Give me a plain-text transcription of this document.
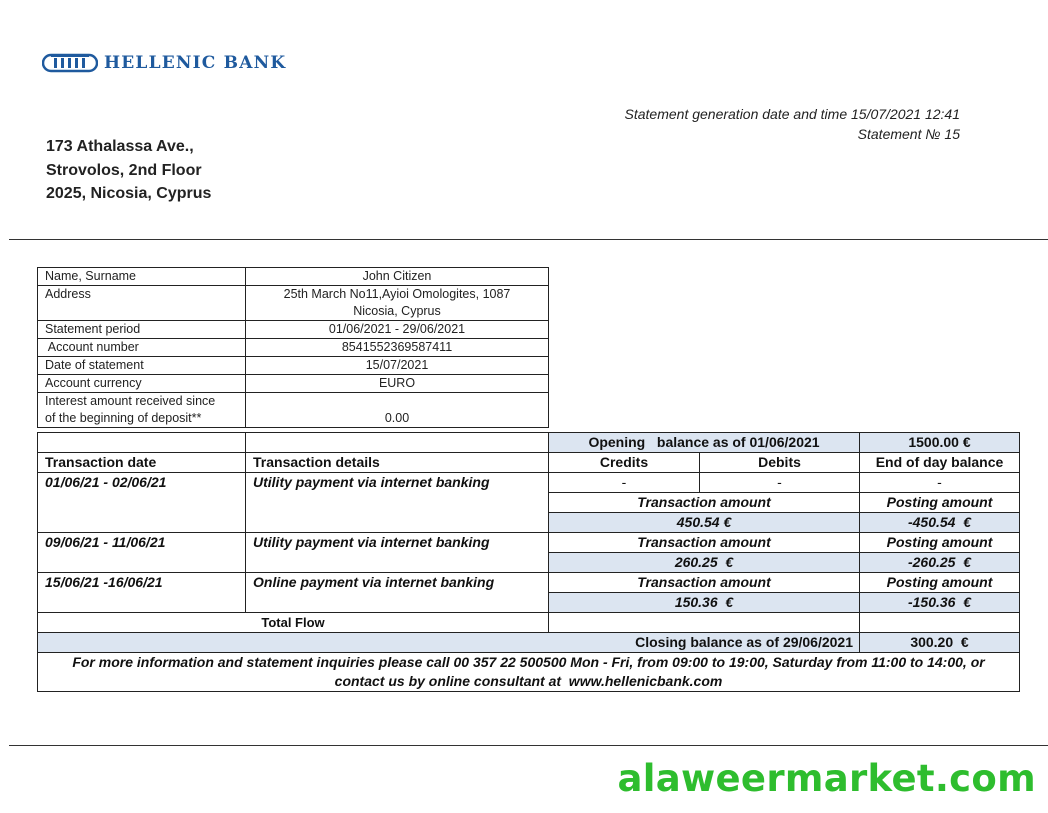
HELLENIC BANK
Statement generation date and time 15/07/2021 12:41
Statement № 15
173 Athalassa Ave.,
Strovolos, 2nd Floor
2025, Nicosia, Cyprus
Name, Surname	John Citizen
Address	25th March No11,Ayioi Omologites, 1087
Nicosia, Cyprus

Statement period	01/06/2021 - 29/06/2021
Account number	8541552369587411
Date of statement	15/07/2021
Account currency	EURO

Interest amount received since
of the beginning of deposit**	0.00
		Opening   balance as of 01/06/2021		1500.00 €
Transaction date	Transaction details	Credits	Debits	End of day balance
01/06/21 - 02/06/21	Utility payment via internet banking	-	-	-
		Transaction amount		Posting amount
		450.54 €		-450.54  €
09/06/21 - 11/06/21	Utility payment via internet banking	Transaction amount		Posting amount
		260.25  €		-260.25  €
15/06/21 -16/06/21	Online payment via internet banking	Transaction amount		Posting amount
		150.36  €		-150.36  €
Total Flow				
Closing balance as of 29/06/2021				300.20  €

For more information and statement inquiries please call 00 357 22 500500 Mon - Fri, from 09:00 to 19:00, Saturday from 11:00 to 14:00, or
contact us by online consultant at  www.hellenicbank.com				
alaweermarket.com
